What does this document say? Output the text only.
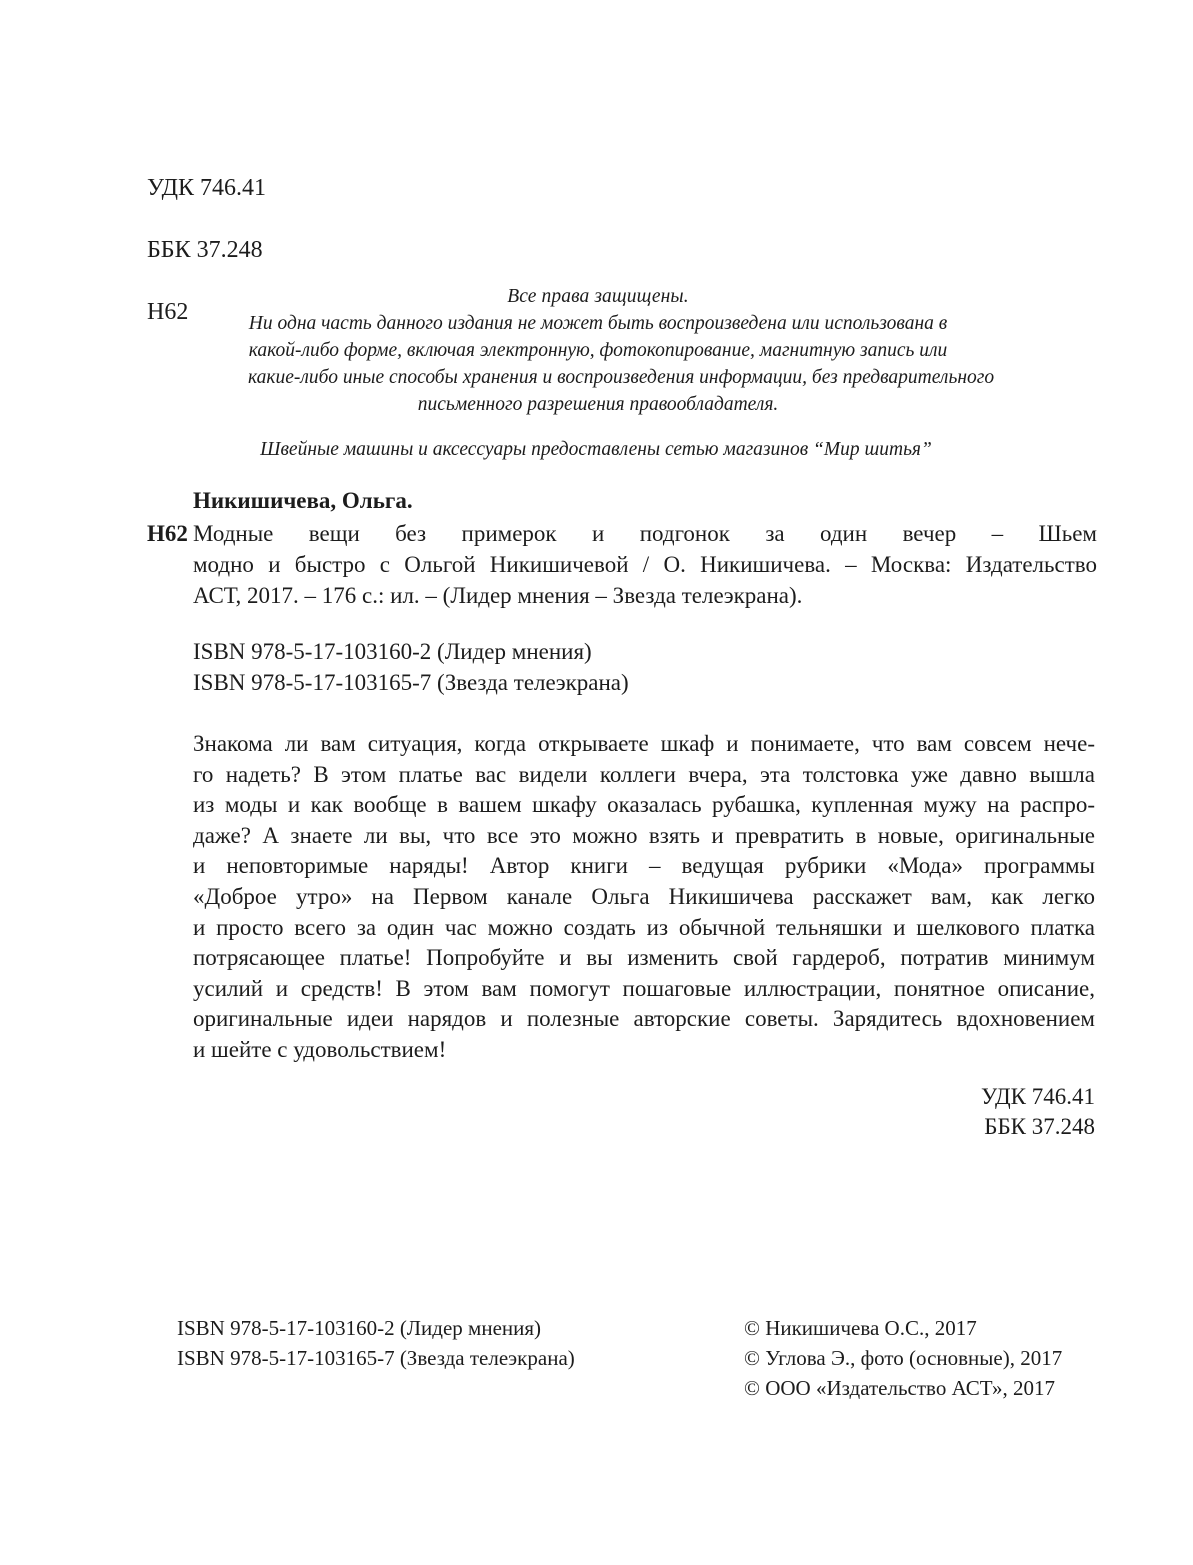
УДК 746.41

ББК 37.248

Н62

Все права защищены.
Ни одна часть данного издания не может быть воспроизведена или использована в
какой-либо форме, включая электронную, фотокопирование, магнитную запись или
какие-либо иные способы хранения и воспроизведения информации, без предварительного
письменного разрешения правообладателя.
Швейные машины и аксессуары предоставлены сетью магазинов “Мир шитья”
Никишичева, Ольга.
Н62 Модные вещи без примерок и подгонок за один вечер – Шьем
модно и быстро с Ольгой Никишичевой / О. Никишичева. – Москва: Издательство
АСТ, 2017. – 176 с.: ил. – (Лидер мнения – Звезда телеэкрана).
ISBN 978-5-17-103160-2 (Лидер мнения)
ISBN 978-5-17-103165-7 (Звезда телеэкрана)
Знакома ли вам ситуация, когда открываете шкаф и понимаете, что вам совсем нече-
го надеть? В этом платье вас видели коллеги вчера, эта толстовка уже давно вышла
из моды и как вообще в вашем шкафу оказалась рубашка, купленная мужу на распро-
даже? А знаете ли вы, что все это можно взять и превратить в новые, оригинальные
и неповторимые наряды! Автор книги – ведущая рубрики «Мода» программы
«Доброе утро» на Первом канале Ольга Никишичева расскажет вам, как легко
и просто всего за один час можно создать из обычной тельняшки и шелкового платка
потрясающее платье! Попробуйте и вы изменить свой гардероб, потратив минимум
усилий и средств! В этом вам помогут пошаговые иллюстрации, понятное описание,
оригинальные идеи нарядов и полезные авторские советы. Зарядитесь вдохновением
и шейте с удовольствием!
УДК 746.41
ББК 37.248
ISBN 978-5-17-103160-2 (Лидер мнения)
ISBN 978-5-17-103165-7 (Звезда телеэкрана)
© Никишичева О.С., 2017
© Углова Э., фото (основные), 2017
© ООО «Издательство АСТ», 2017
